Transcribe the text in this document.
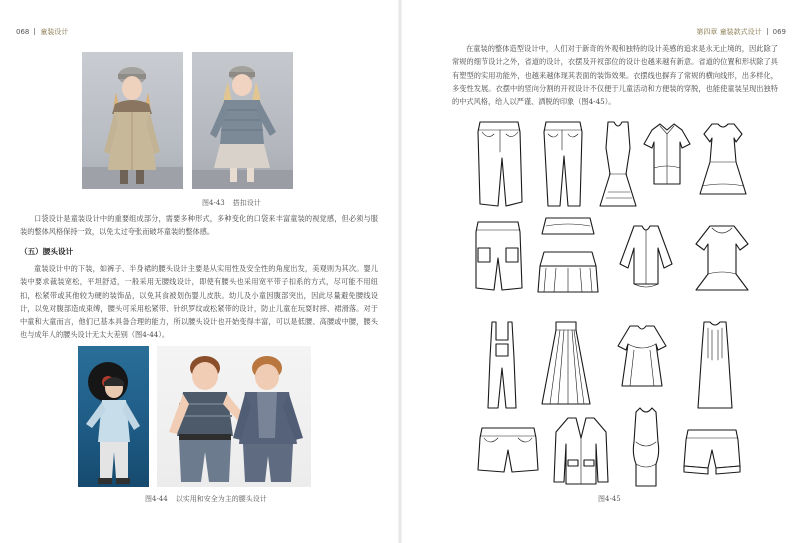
068 童装设计
图4-43 搭扣设计

口袋设计是童装设计中的重要组成部分，需要多种形式，多种变化的口袋来丰富童装的视觉感，但必须与服装的整体风格保持一致，以免太过夸张而破坏童装的整体感。

（五）腰头设计

童装设计中的下装，如裤子、半身裙的腰头设计主要是从实用性及安全性的角度出发，美观则为其次。婴儿装中要求裁装宽松，平坦舒适，一般采用无腰线设计，即使有腰头也采用宽平带子扣系的方式，尽可能不用纽扣，松紧带或其他较为硬的装饰品，以免其食被划伤婴儿皮肤。幼儿及小童因腹部突出，因此尽量避免腰线设计，以免对腹部造成束缚，腰头可采用松紧带、针织罗纹或松紧带的设计，防止儿童在玩耍时摔、裙滑落。对于中童和大童而言，他们已基本具备合理的能力，所以腰头设计也开始变得丰富，可以是低腰、高腰或中腰，腰头也与成年人的腰头设计无太大差别（图4-44）。

图4-44 以实用和安全为主的腰头设计
第四章 童装款式设计 069

在童装的整体造型设计中，人们对于新奇的外观和独特的设计美感的追求是永无止境的，因此除了常规的细节设计之外，省道的设计，衣摆及开衩部位的设计也越来越有新意。省道的位置和形状除了具有塑型的实用功能外，也越来越体现其表面的装饰效果。衣摆线也摒弃了常规的横向线形，出多样化，多变性发展。衣摆中的竖向分割的开衩设计不仅便于儿童活动和方便装的穿脱，也能使童装呈现出独特的中式风格，给人以严谨、洒脱的印象（图4-45）。

图4-45
